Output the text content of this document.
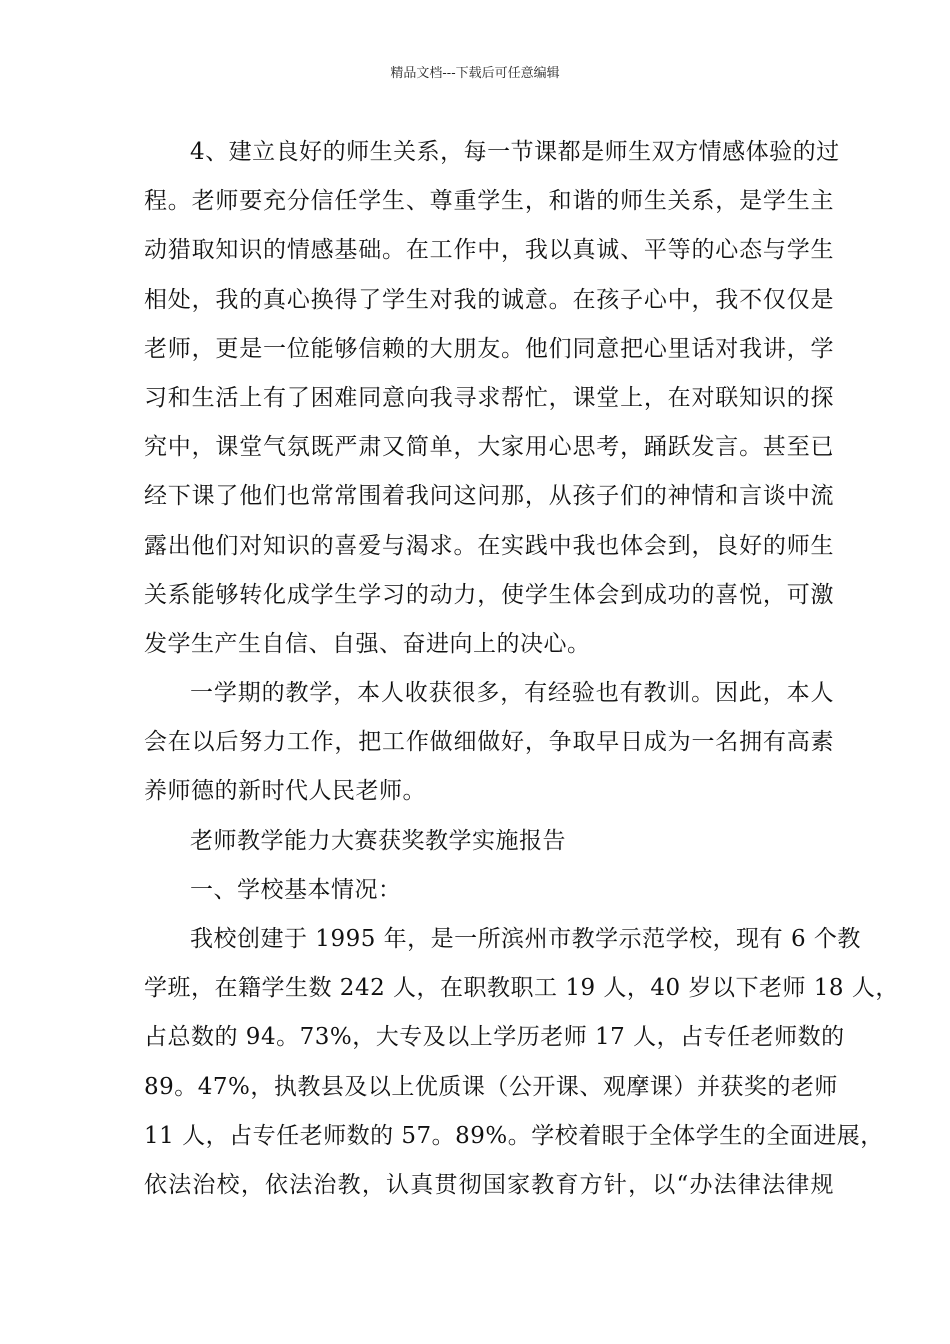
精品文档---下载后可任意编辑
4、建立良好的师生关系，每一节课都是师生双方情感体验的过
程。老师要充分信任学生、尊重学生，和谐的师生关系，是学生主
动猎取知识的情感基础。在工作中，我以真诚、平等的心态与学生
相处，我的真心换得了学生对我的诚意。在孩子心中，我不仅仅是
老师，更是一位能够信赖的大朋友。他们同意把心里话对我讲，学
习和生活上有了困难同意向我寻求帮忙，课堂上，在对联知识的探
究中，课堂气氛既严肃又简单，大家用心思考，踊跃发言。甚至已
经下课了他们也常常围着我问这问那，从孩子们的神情和言谈中流
露出他们对知识的喜爱与渴求。在实践中我也体会到，良好的师生
关系能够转化成学生学习的动力，使学生体会到成功的喜悦，可激
发学生产生自信、自强、奋进向上的决心。
一学期的教学，本人收获很多，有经验也有教训。因此，本人
会在以后努力工作，把工作做细做好，争取早日成为一名拥有高素
养师德的新时代人民老师。
老师教学能力大赛获奖教学实施报告
一、学校基本情况：
我校创建于 1995 年，是一所滨州市教学示范学校，现有 6 个教
学班，在籍学生数 242 人，在职教职工 19 人，40 岁以下老师 18 人，
占总数的 94。73%，大专及以上学历老师 17 人，占专任老师数的
89。47%，执教县及以上优质课（公开课、观摩课）并获奖的老师
11 人，占专任老师数的 57。89%。学校着眼于全体学生的全面进展，
依法治校，依法治教，认真贯彻国家教育方针，以“办法律法律规
